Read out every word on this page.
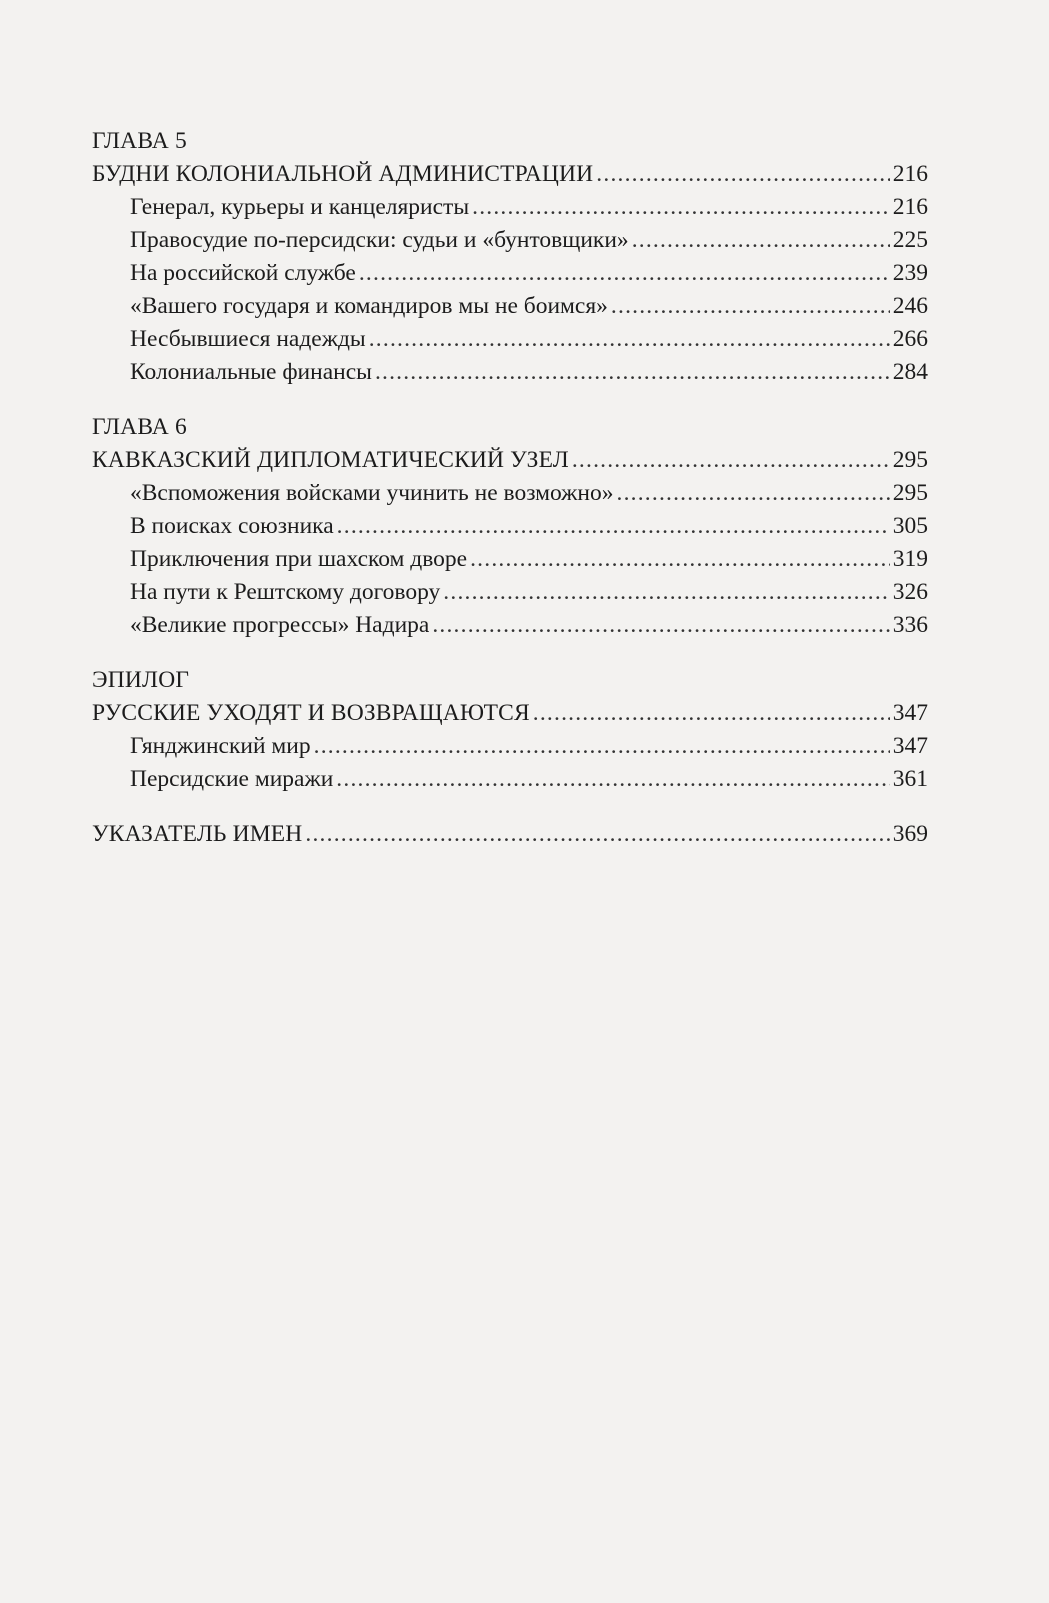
ГЛАВА 5
БУДНИ КОЛОНИАЛЬНОЙ АДМИНИСТРАЦИИ .....	216
Генерал, курьеры и канцеляристы .....	216
Правосудие по-персидски: судьи и «бунтовщики» .....	225
На российской службе .....	239
«Вашего государя и командиров мы не боимся» .....	246
Несбывшиеся надежды .....	266
Колониальные финансы .....	284
ГЛАВА 6
КАВКАЗСКИЙ ДИПЛОМАТИЧЕСКИЙ УЗЕЛ .....	295
«Вспоможения войсками учинить не возможно» .....	295
В поисках союзника .....	305
Приключения при шахском дворе .....	319
На пути к Рештскому договору .....	326
«Великие прогрессы» Надира .....	336
ЭПИЛОГ
РУССКИЕ УХОДЯТ И ВОЗВРАЩАЮТСЯ .....	347
Гянджинский мир .....	347
Персидские миражи .....	361
УКАЗАТЕЛЬ ИМЕН .....	369
